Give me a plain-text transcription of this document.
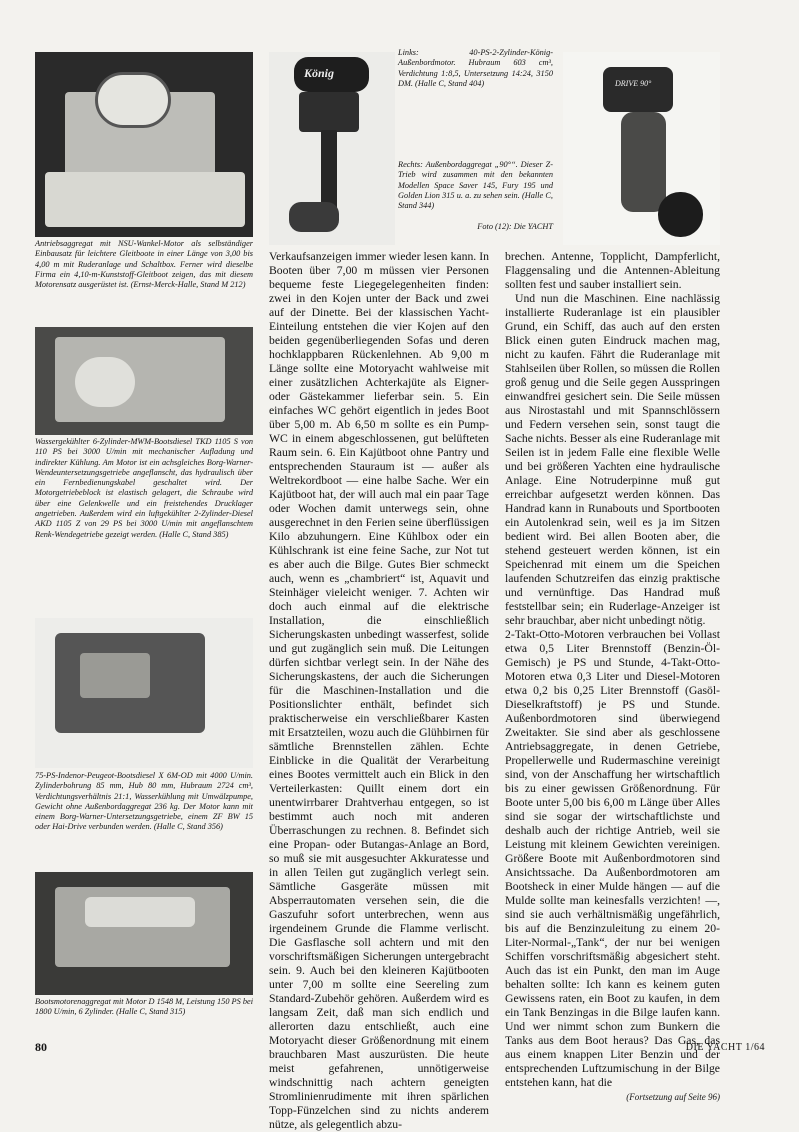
Antriebsaggregat mit NSU-Wankel-Motor als selbständiger Einbausatz für leichtere Gleitboote in einer Länge von 3,00 bis 4,00 m mit Ruderanlage und Schaltbox. Ferner wird dieselbe Firma ein 4,10-m-Kunststoff-Gleitboot zeigen, das mit diesem Motorensatz ausgerüstet ist. (Ernst-Merck-Halle, Stand M 212)

Wassergekühlter 6-Zylinder-MWM-Bootsdiesel TKD 1105 S von 110 PS bei 3000 U/min mit mechanischer Aufladung und indirekter Kühlung. Am Motor ist ein achsgleiches Borg-Warner-Wendeuntersetzungsgetriebe angeflanscht, das hydraulisch über ein Fernbedienungskabel geschaltet wird. Der Motorgetriebeblock ist elastisch gelagert, die Schraube wird über eine Gelenkwelle und ein freistehendes Drucklager angetrieben. Außerdem wird ein luftgekühlter 2-Zylinder-Diesel AKD 1105 Z von 29 PS bei 3000 U/min mit angeflanschtem Renk-Wendegetriebe gezeigt werden. (Halle C, Stand 385)

75-PS-Indenor-Peugeot-Bootsdiesel X 6M-OD mit 4000 U/min. Zylinderbohrung 85 mm, Hub 80 mm, Hubraum 2724 cm³, Verdichtungsverhältnis 21:1, Wasserkühlung mit Umwälzpumpe, Gewicht ohne Außenbordaggregat 236 kg. Der Motor kann mit einem Borg-Warner-Untersetzungsgetriebe, einem ZF BW 15 oder Hai-Drive verbunden werden. (Halle C, Stand 356)

Bootsmotorenaggregat mit Motor D 1548 M, Leistung 150 PS bei 1800 U/min, 6 Zylinder. (Halle C, Stand 315)

König

Links: 40-PS-2-Zylinder-König-Außenbordmotor. Hubraum 603 cm³, Verdichtung 1:8,5, Untersetzung 14:24, 3150 DM. (Halle C, Stand 404)

Rechts: Außenbordaggregat „90°“. Dieser Z-Trieb wird zusammen mit den bekannten Modellen Space Saver 145, Fury 195 und Golden Lion 315 u. a. zu sehen sein. (Halle C, Stand 344)

Foto (12): Die YACHT

DRIVE 90°

Verkaufsanzeigen immer wieder lesen kann. In Booten über 7,00 m müssen vier Personen bequeme feste Liegegelegenheiten finden: zwei in den Kojen unter der Back und zwei auf der Dinette. Bei der klassischen Yacht-Einteilung entstehen die vier Kojen auf den beiden gegenüberliegenden Sofas und deren hochklappbaren Rückenlehnen. Ab 9,00 m Länge sollte eine Motoryacht wahlweise mit einer zusätzlichen Achterkajüte als Eigner- oder Gästekammer lieferbar sein. 5. Ein einfaches WC gehört eigentlich in jedes Boot über 5,00 m. Ab 6,50 m sollte es ein Pump-WC in einem abgeschlossenen, gut belüfteten Raum sein. 6. Ein Kajütboot ohne Pantry und entsprechenden Stauraum ist — außer als Weltrekordboot — eine halbe Sache. Wer ein Kajütboot hat, der will auch mal ein paar Tage oder Wochen damit unterwegs sein, ohne ausgerechnet in den Ferien seine überflüssigen Kilo abzuhungern. Eine Kühlbox oder ein Kühlschrank ist eine feine Sache, zur Not tut es aber auch die Bilge. Gutes Bier schmeckt auch, wenn es „chambriert“ ist, Aquavit und Steinhäger vieleicht weniger. 7. Achten wir doch auch einmal auf die elektrische Installation, die einschließlich Sicherungskasten unbedingt wasserfest, solide und gut zugänglich sein muß. Die Leitungen dürfen sichtbar verlegt sein. In der Nähe des Sicherungskastens, der auch die Sicherungen für die Maschinen-Installation und die Positionslichter enthält, befindet sich praktischerweise ein verschließbarer Kasten mit Ersatzteilen, wozu auch die Glühbirnen für sämtliche Brennstellen zählen. Echte Einblicke in die Qualität der Verarbeitung eines Bootes vermittelt auch ein Blick in den Verteilerkasten: Quillt einem dort ein unentwirrbarer Drahtverhau entgegen, so ist bestimmt auch noch mit anderen Überraschungen zu rechnen. 8. Befindet sich eine Propan- oder Butangas-Anlage an Bord, so muß sie mit ausgesuchter Akkuratesse und in allen Teilen gut zugänglich verlegt sein. Sämtliche Gasgeräte müssen mit Absperrautomaten versehen sein, die die Gaszufuhr sofort unterbrechen, wenn aus irgendeinem Grunde die Flamme verlischt. Die Gasflasche soll achtern und mit den vorschriftsmäßigen Sicherungen untergebracht sein. 9. Auch bei den kleineren Kajütbooten unter 7,00 m sollte eine Seereling zum Standard-Zubehör gehören. Außerdem wird es langsam Zeit, daß man sich endlich und allerorten dazu entschließt, auch eine Motoryacht dieser Größenordnung mit einem brauchbaren Mast auszurüsten. Die heute meist gefahrenen, unnötigerweise windschnittig nach achtern geneigten Stromlinienrudimente mit ihren spärlichen Topp-Fünzelchen sind zu nichts anderem nütze, als gelegentlich abzu-

brechen. Antenne, Topplicht, Dampferlicht, Flaggensaling und die Antennen-Ableitung sollten fest und sauber installiert sein.

Und nun die Maschinen. Eine nachlässig installierte Ruderanlage ist ein plausibler Grund, ein Schiff, das auch auf den ersten Blick einen guten Eindruck machen mag, nicht zu kaufen. Fährt die Ruderanlage mit Stahlseilen über Rollen, so müssen die Rollen groß genug und die Seile gegen Ausspringen einwandfrei gesichert sein. Die Seile müssen aus Nirostastahl und mit Spannschlössern und Federn versehen sein, sonst taugt die Sache nichts. Besser als eine Ruderanlage mit Seilen ist in jedem Falle eine flexible Welle und bei größeren Yachten eine hydraulische Anlage. Eine Notruderpinne muß gut erreichbar aufgesetzt werden können. Das Handrad kann in Runabouts und Sportbooten ein Autolenkrad sein, weil es ja im Sitzen bedient wird. Bei allen Booten aber, die stehend gesteuert werden können, ist ein Speichenrad mit einem um die Speichen laufenden Schutzreifen das einzig praktische und vernünftige. Das Handrad muß feststellbar sein; ein Ruderlage-Anzeiger ist sehr brauchbar, aber nicht unbedingt nötig.

2-Takt-Otto-Motoren verbrauchen bei Vollast etwa 0,5 Liter Brennstoff (Benzin-Öl-Gemisch) je PS und Stunde, 4-Takt-Otto-Motoren etwa 0,3 Liter und Diesel-Motoren etwa 0,2 bis 0,25 Liter Brennstoff (Gasöl-Dieselkraftstoff) je PS und Stunde. Außenbordmotoren sind überwiegend Zweitakter. Sie sind aber als geschlossene Antriebsaggregate, in denen Getriebe, Propellerwelle und Rudermaschine vereinigt sind, von der Anschaffung her wirtschaftlich bis zu einer gewissen Größenordnung. Für Boote unter 5,00 bis 6,00 m Länge über Alles sind sie sogar der wirtschaftlichste und deshalb auch der richtige Antrieb, weil sie Leistung mit kleinem Gewichten vereinigen. Größere Boote mit Außenbordmotoren sind Ansichtssache. Da Außenbordmotoren am Bootsheck in einer Mulde hängen — auf die Mulde sollte man keinesfalls verzichten! —, sind sie auch verhältnismäßig ungefährlich, bis auf die Benzinzuleitung zu einem 20-Liter-Normal-„Tank“, der nur bei wenigen Schiffen vorschriftsmäßig abgesichert steht. Auch das ist ein Punkt, den man im Auge behalten sollte: Ich kann es keinem guten Gewissens raten, ein Boot zu kaufen, in dem ein Tank Benzingas in die Bilge laufen kann. Und wer nimmt schon zum Bunkern die Tanks aus dem Boot heraus? Das Gas, das aus einem knappen Liter Benzin und der entsprechenden Luftzumischung in der Bilge entstehen kann, hat die

(Fortsetzung auf Seite 96)
80	DIE YACHT 1/64
